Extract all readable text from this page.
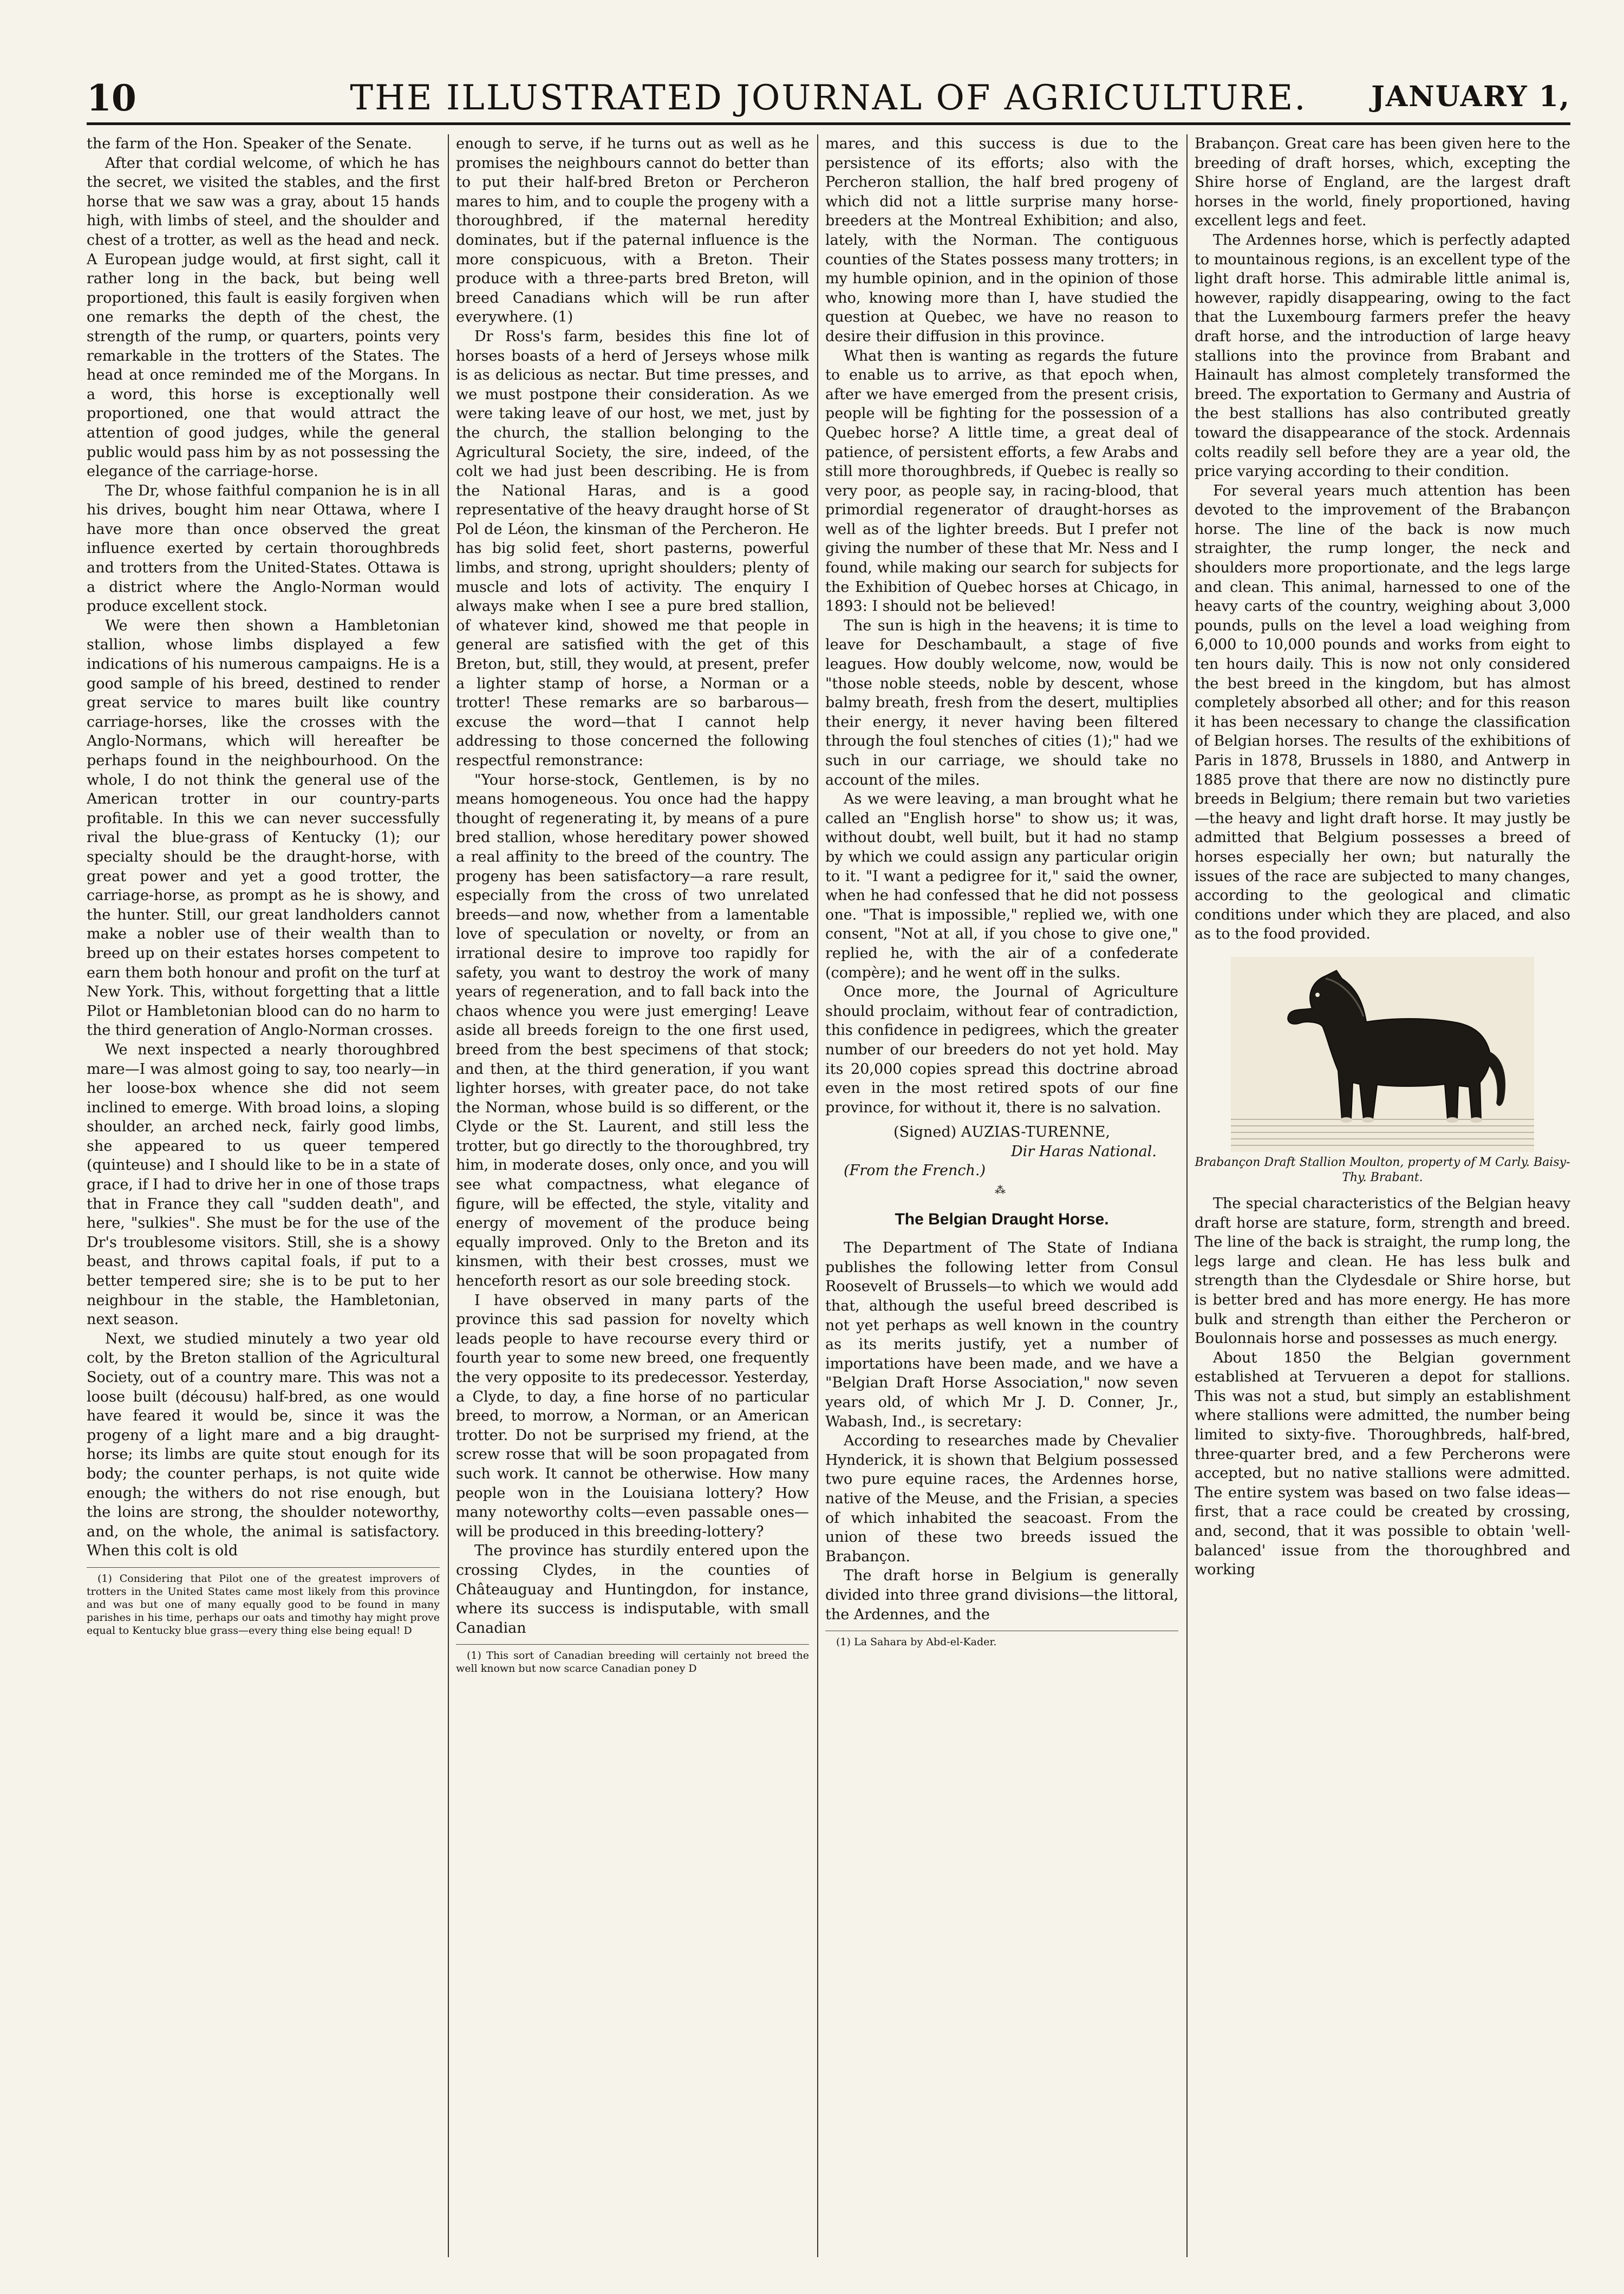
10	THE ILLUSTRATED JOURNAL OF AGRICULTURE.	JANUARY 1,

the farm of the Hon. Speaker of the Senate.

After that cordial welcome, of which he has the secret, we visited the stables, and the first horse that we saw was a gray, about 15 hands high, with limbs of steel, and the shoulder and chest of a trotter, as well as the head and neck. A European judge would, at first sight, call it rather long in the back, but being well proportioned, this fault is easily forgiven when one remarks the depth of the chest, the strength of the rump, or quarters, points very remarkable in the trotters of the States. The head at once reminded me of the Morgans. In a word, this horse is exceptionally well proportioned, one that would attract the attention of good judges, while the general public would pass him by as not possessing the elegance of the carriage-horse.

The Dr, whose faithful companion he is in all his drives, bought him near Ottawa, where I have more than once observed the great influence exerted by certain thoroughbreds and trotters from the United-States. Ottawa is a district where the Anglo-Norman would produce excellent stock.

We were then shown a Hambletonian stallion, whose limbs displayed a few indications of his numerous campaigns. He is a good sample of his breed, destined to render great service to mares built like country carriage-horses, like the crosses with the Anglo-Normans, which will hereafter be perhaps found in the neighbourhood. On the whole, I do not think the general use of the American trotter in our country-parts profitable. In this we can never successfully rival the blue-grass of Kentucky (1); our specialty should be the draught-horse, with great power and yet a good trotter, the carriage-horse, as prompt as he is showy, and the hunter. Still, our great landholders cannot make a nobler use of their wealth than to breed up on their estates horses competent to earn them both honour and profit on the turf at New York. This, without forgetting that a little Pilot or Hambletonian blood can do no harm to the third generation of Anglo-Norman crosses.

We next inspected a nearly thoroughbred mare—I was almost going to say, too nearly—in her loose-box whence she did not seem inclined to emerge. With broad loins, a sloping shoulder, an arched neck, fairly good limbs, she appeared to us queer tempered (quinteuse) and I should like to be in a state of grace, if I had to drive her in one of those traps that in France they call "sudden death", and here, "sulkies". She must be for the use of the Dr's troublesome visitors. Still, she is a showy beast, and throws capital foals, if put to a better tempered sire; she is to be put to her neighbour in the stable, the Hambletonian, next season.

Next, we studied minutely a two year old colt, by the Breton stallion of the Agricultural Society, out of a country mare. This was not a loose built (décousu) half-bred, as one would have feared it would be, since it was the progeny of a light mare and a big draught-horse; its limbs are quite stout enough for its body; the counter perhaps, is not quite wide enough; the withers do not rise enough, but the loins are strong, the shoulder noteworthy, and, on the whole, the animal is satisfactory. When this colt is old

(1) Considering that Pilot one of the greatest improvers of trotters in the United States came most likely from this province and was but one of many equally good to be found in many parishes in his time, perhaps our oats and timothy hay might prove equal to Kentucky blue grass—every thing else being equal! D

enough to serve, if he turns out as well as he promises the neighbours cannot do better than to put their half-bred Breton or Percheron mares to him, and to couple the progeny with a thoroughbred, if the maternal heredity dominates, but if the paternal influence is the more conspicuous, with a Breton. Their produce with a three-parts bred Breton, will breed Canadians which will be run after everywhere. (1)

Dr Ross's farm, besides this fine lot of horses boasts of a herd of Jerseys whose milk is as delicious as nectar. But time presses, and we must postpone their consideration. As we were taking leave of our host, we met, just by the church, the stallion belonging to the Agricultural Society, the sire, indeed, of the colt we had just been describing. He is from the National Haras, and is a good representative of the heavy draught horse of St Pol de Léon, the kinsman of the Percheron. He has big solid feet, short pasterns, powerful limbs, and strong, upright shoulders; plenty of muscle and lots of activity. The enquiry I always make when I see a pure bred stallion, of whatever kind, showed me that people in general are satisfied with the get of this Breton, but, still, they would, at present, prefer a lighter stamp of horse, a Norman or a trotter! These remarks are so barbarous—excuse the word—that I cannot help addressing to those concerned the following respectful remonstrance:

"Your horse-stock, Gentlemen, is by no means homogeneous. You once had the happy thought of regenerating it, by means of a pure bred stallion, whose hereditary power showed a real affinity to the breed of the country. The progeny has been satisfactory—a rare result, especially from the cross of two unrelated breeds—and now, whether from a lamentable love of speculation or novelty, or from an irrational desire to improve too rapidly for safety, you want to destroy the work of many years of regeneration, and to fall back into the chaos whence you were just emerging! Leave aside all breeds foreign to the one first used, breed from the best specimens of that stock; and then, at the third generation, if you want lighter horses, with greater pace, do not take the Norman, whose build is so different, or the Clyde or the St. Laurent, and still less the trotter, but go directly to the thoroughbred, try him, in moderate doses, only once, and you will see what compactness, what elegance of figure, will be effected, the style, vitality and energy of movement of the produce being equally improved. Only to the Breton and its kinsmen, with their best crosses, must we henceforth resort as our sole breeding stock.

I have observed in many parts of the province this sad passion for novelty which leads people to have recourse every third or fourth year to some new breed, one frequently the very opposite to its predecessor. Yesterday, a Clyde, to day, a fine horse of no particular breed, to morrow, a Norman, or an American trotter. Do not be surprised my friend, at the screw rosse that will be soon propagated from such work. It cannot be otherwise. How many people won in the Louisiana lottery? How many noteworthy colts—even passable ones—will be produced in this breeding-lottery?

The province has sturdily entered upon the crossing Clydes, in the counties of Châteauguay and Huntingdon, for instance, where its success is indisputable, with small Canadian

(1) This sort of Canadian breeding will certainly not breed the well known but now scarce Canadian poney D

mares, and this success is due to the persistence of its efforts; also with the Percheron stallion, the half bred progeny of which did not a little surprise many horse-breeders at the Montreal Exhibition; and also, lately, with the Norman. The contiguous counties of the States possess many trotters; in my humble opinion, and in the opinion of those who, knowing more than I, have studied the question at Quebec, we have no reason to desire their diffusion in this province.

What then is wanting as regards the future to enable us to arrive, as that epoch when, after we have emerged from the present crisis, people will be fighting for the possession of a Quebec horse? A little time, a great deal of patience, of persistent efforts, a few Arabs and still more thoroughbreds, if Quebec is really so very poor, as people say, in racing-blood, that primordial regenerator of draught-horses as well as of the lighter breeds. But I prefer not giving the number of these that Mr. Ness and I found, while making our search for subjects for the Exhibition of Quebec horses at Chicago, in 1893: I should not be believed!

The sun is high in the heavens; it is time to leave for Deschambault, a stage of five leagues. How doubly welcome, now, would be "those noble steeds, noble by descent, whose balmy breath, fresh from the desert, multiplies their energy, it never having been filtered through the foul stenches of cities (1);" had we such in our carriage, we should take no account of the miles.

As we were leaving, a man brought what he called an "English horse" to show us; it was, without doubt, well built, but it had no stamp by which we could assign any particular origin to it. "I want a pedigree for it," said the owner, when he had confessed that he did not possess one. "That is impossible," replied we, with one consent, "Not at all, if you chose to give one," replied he, with the air of a confederate (compère); and he went off in the sulks.

Once more, the Journal of Agriculture should proclaim, without fear of contradiction, this confidence in pedigrees, which the greater number of our breeders do not yet hold. May its 20,000 copies spread this doctrine abroad even in the most retired spots of our fine province, for without it, there is no salvation.

(Signed) AUZIAS-TURENNE,

Dir Haras National.

(From the French.)

⁂
The Belgian Draught Horse.

The Department of The State of Indiana publishes the following letter from Consul Roosevelt of Brussels—to which we would add that, although the useful breed described is not yet perhaps as well known in the country as its merits justify, yet a number of importations have been made, and we have a "Belgian Draft Horse Association," now seven years old, of which Mr J. D. Conner, Jr., Wabash, Ind., is secretary:

According to researches made by Chevalier Hynderick, it is shown that Belgium possessed two pure equine races, the Ardennes horse, native of the Meuse, and the Frisian, a species of which inhabited the seacoast. From the union of these two breeds issued the Brabançon.

The draft horse in Belgium is generally divided into three grand divisions—the littoral, the Ardennes, and the

(1) La Sahara by Abd-el-Kader.

Brabançon. Great care has been given here to the breeding of draft horses, which, excepting the Shire horse of England, are the largest draft horses in the world, finely proportioned, having excellent legs and feet.

The Ardennes horse, which is perfectly adapted to mountainous regions, is an excellent type of the light draft horse. This admirable little animal is, however, rapidly disappearing, owing to the fact that the Luxembourg farmers prefer the heavy draft horse, and the introduction of large heavy stallions into the province from Brabant and Hainault has almost completely transformed the breed. The exportation to Germany and Austria of the best stallions has also contributed greatly toward the disappearance of the stock. Ardennais colts readily sell before they are a year old, the price varying according to their condition.

For several years much attention has been devoted to the improvement of the Brabançon horse. The line of the back is now much straighter, the rump longer, the neck and shoulders more proportionate, and the legs large and clean. This animal, harnessed to one of the heavy carts of the country, weighing about 3,000 pounds, pulls on the level a load weighing from 6,000 to 10,000 pounds and works from eight to ten hours daily. This is now not only considered the best breed in the kingdom, but has almost completely absorbed all other; and for this reason it has been necessary to change the classification of Belgian horses. The results of the exhibitions of Paris in 1878, Brussels in 1880, and Antwerp in 1885 prove that there are now no distinctly pure breeds in Belgium; there remain but two varieties—the heavy and light draft horse. It may justly be admitted that Belgium possesses a breed of horses especially her own; but naturally the issues of the race are subjected to many changes, according to the geological and climatic conditions under which they are placed, and also as to the food provided.

Brabançon Draft Stallion Moulton, property of M Carly. Baisy-Thy. Brabant.

The special characteristics of the Belgian heavy draft horse are stature, form, strength and breed. The line of the back is straight, the rump long, the legs large and clean. He has less bulk and strength than the Clydesdale or Shire horse, but is better bred and has more energy. He has more bulk and strength than either the Percheron or Boulonnais horse and possesses as much energy.

About 1850 the Belgian government established at Tervueren a depot for stallions. This was not a stud, but simply an establishment where stallions were admitted, the number being limited to sixty-five. Thoroughbreds, half-bred, three-quarter bred, and a few Percherons were accepted, but no native stallions were admitted. The entire system was based on two false ideas—first, that a race could be created by crossing, and, second, that it was possible to obtain 'well-balanced' issue from the thoroughbred and working
